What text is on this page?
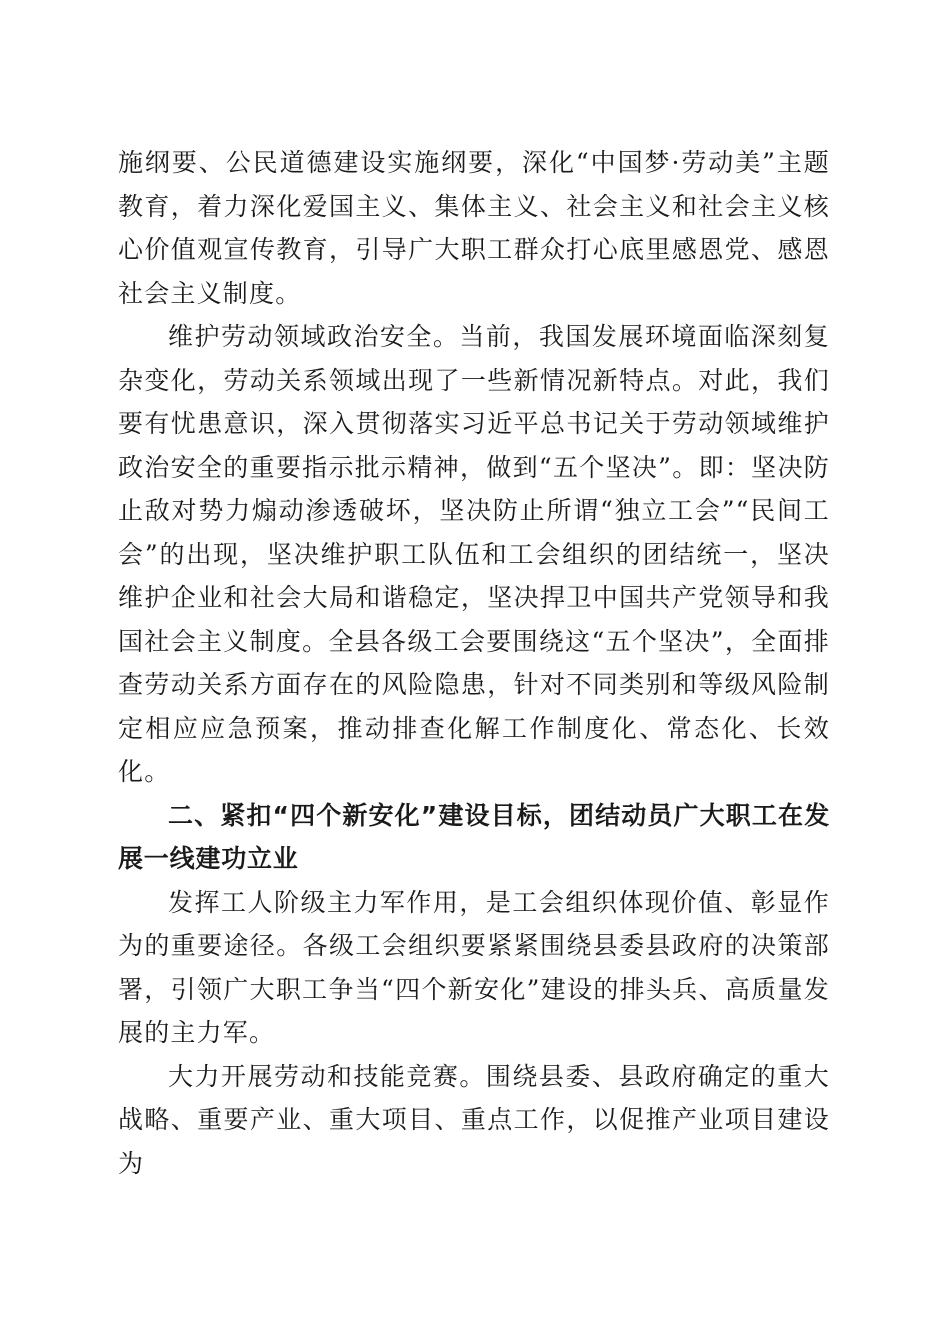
施纲要、公民道德建设实施纲要，深化“中国梦·劳动美”主题教育，着力深化爱国主义、集体主义、社会主义和社会主义核心价值观宣传教育，引导广大职工群众打心底里感恩党、感恩社会主义制度。

维护劳动领域政治安全。当前，我国发展环境面临深刻复杂变化，劳动关系领域出现了一些新情况新特点。对此，我们要有忧患意识，深入贯彻落实习近平总书记关于劳动领域维护政治安全的重要指示批示精神，做到“五个坚决”。即：坚决防止敌对势力煽动渗透破坏，坚决防止所谓“独立工会”“民间工会”的出现，坚决维护职工队伍和工会组织的团结统一，坚决维护企业和社会大局和谐稳定，坚决捍卫中国共产党领导和我国社会主义制度。全县各级工会要围绕这“五个坚决”，全面排查劳动关系方面存在的风险隐患，针对不同类别和等级风险制定相应应急预案，推动排查化解工作制度化、常态化、长效化。

二、紧扣“四个新安化”建设目标，团结动员广大职工在发展一线建功立业

发挥工人阶级主力军作用，是工会组织体现价值、彰显作为的重要途径。各级工会组织要紧紧围绕县委县政府的决策部署，引领广大职工争当“四个新安化”建设的排头兵、高质量发展的主力军。

大力开展劳动和技能竞赛。围绕县委、县政府确定的重大战略、重要产业、重大项目、重点工作，以促推产业项目建设为
